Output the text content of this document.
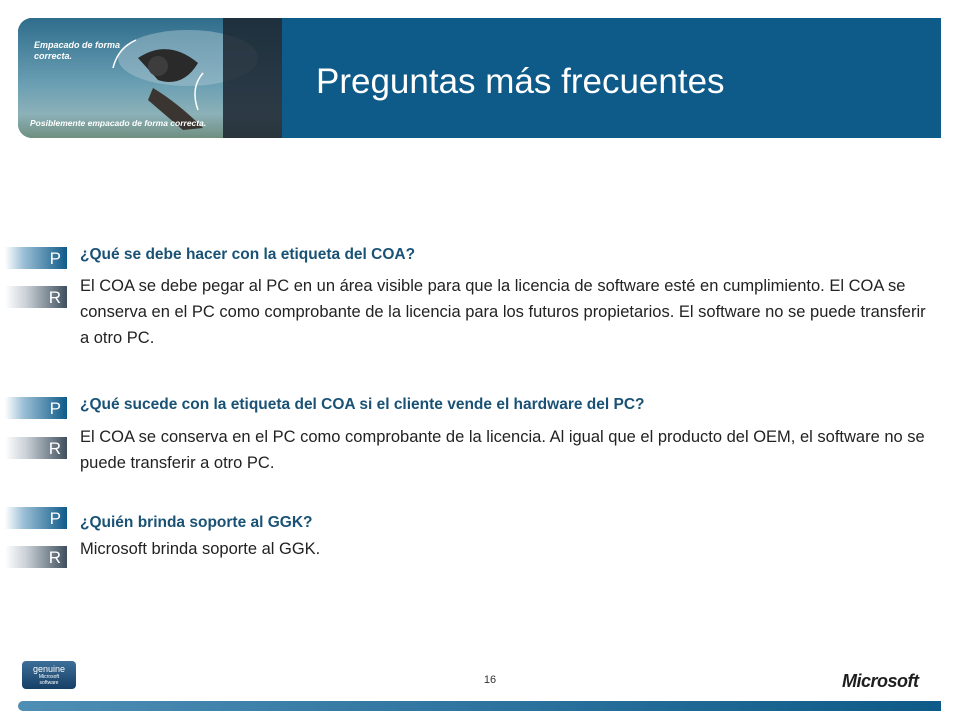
Empacado de forma correcta.
Posiblemente empacado de forma correcta.
Preguntas más frecuentes
P
R
¿Qué se debe hacer con la etiqueta del COA?
El COA se debe pegar al PC en un área visible para que la licencia de software esté en cumplimiento. El COA se conserva en el PC como comprobante de la licencia para los futuros propietarios. El software no se puede transferir a otro PC.
P
R
¿Qué sucede con la etiqueta del COA si el cliente vende el hardware del PC?
El COA se conserva en el PC como comprobante de la licencia. Al igual que el producto del OEM, el software no se puede transferir a otro PC.
P
R
¿Quién brinda soporte al GGK?
Microsoft brinda soporte al GGK.
genuine
Microsoft
software	16	Microsoft
